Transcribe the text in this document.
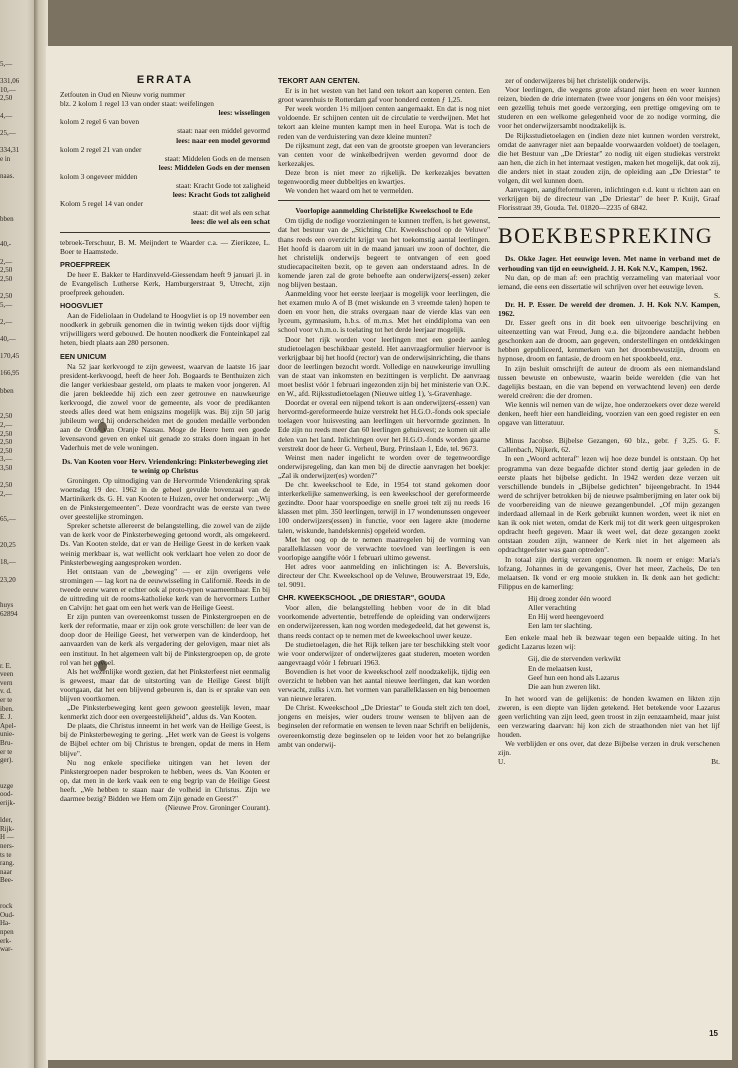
5,—

331,06
10,—
2,50

4,—

25,—

334,31
e in

naas.

bben

40,-

2,—
2,50
2,50

2,50
5,—

2,—

40,—

170,45

166,95

bben

2,50
2,—
2,50
2,50
2,50
3,—
3,50

2,50
2,—

65,—

20,25

18,—

23,20

huys
62894

r. E.
veen
vern
v. d.
er te
iben.
E. J.
Apel-
unie-
Bru-
er te
ger).

uzge
ood-
erijk-

lder,
Rijk-
H —
ners-
ts te
rang.
naar
Bee-

rock
Oud-
Ha-
npen
erk-
war-
ERRATA
Zetfouten in Oud en Nieuw vorig nummer
blz. 2 kolom 1 regel 13 van onder staat: weifelingen
lees: wisselingen
kolom 2 regel 6 van boven
staat: naar een middel gevormd
lees: naar een model gevormd
kolom 2 regel 21 van onder
staat: Middelen Gods en de mensen
lees: Middelen Gods en der mensen
kolom 3 ongeveer midden
staat: Kracht Gode tot zaligheid
lees: Kracht Gods tot zaligheid
Kolom 5 regel 14 van onder
staat: dit wel als een schat
lees: die wel als een schat

tebroek-Terschuur, B. M. Meijndert te Waarder c.a. — Zierikzee, L. Boer te Haamstede.

PROEFPREEK

De heer E. Bakker te Hardinxveld-Giessendam heeft 9 januari jl. in de Evangelisch Lutherse Kerk, Hamburgerstraat 9, Utrecht, zijn proefpreek gehouden.

HOOGVLIET

Aan de Fideliolaan in Oudeland te Hoogvliet is op 19 november een noodkerk in gebruik genomen die in twintig weken tijds door vijftig vrijwilligers werd gebouwd. De houten noodkerk die Fonteinkapel zal heten, biedt plaats aan 280 personen.

EEN UNICUM

Na 52 jaar kerkvoogd te zijn geweest, waarvan de laatste 16 jaar president-kerkvoogd, heeft de heer Joh. Bogaards te Benthuizen zich die langer verkiesbaar gesteld, om plaats te maken voor jongeren. Al die jaren bekleedde hij zich een zeer getrouwe en nauwkeurige kerkvoogd, die zowel voor de gemeente, als voor de predikanten steeds alles deed wat hem enigszins mogelijk was. Bij zijn 50 jarig jubileum werd hij onderscheiden met de gouden medaille verbonden aan de Orde van Oranje Nassau. Moge de Heere hem een goede levensavond geven en enkel uit genade zo straks doen ingaan in het Vaderhuis met de vele woningen.

Ds. Van Kooten voor Herv. Vriendenkring: Pinksterbeweging ziet te weinig op Christus

Groningen. Op uitnodiging van de Hervormde Vriendenkring sprak woensdag 19 dec. 1962 in de geheel gevulde bovenzaal van de Martinikerk ds. G. H. van Kooten te Huizen, over het onderwerp: „Wij en de Pinkstergemeenten". Deze voordracht was de eerste van twee over geestelijke stromingen.

Spreker schetste allereerst de belangstelling, die zowel van de zijde van de kerk voor de Pinksterbeweging getoond wordt, als omgekeerd. Ds. Van Kooten stelde, dat er van de Heilige Geest in de kerken vaak weinig merkbaar is, wat wellicht ook verklaart hoe velen zo door de Pinksterbeweging aangesproken worden.

Het ontstaan van de „beweging" — er zijn overigens vele stromingen — lag kort na de eeuwwisseling in Californië. Reeds in de tweede eeuw waren er echter ook al proto-typen waarneembaar. En bij de uittreding uit de rooms-katholieke kerk van de hervormers Luther en Calvijn: het gaat om een het werk van de Heilige Geest.

Er zijn punten van overeenkomst tussen de Pinkstergroepen en de kerk der reformatie, maar er zijn ook grote verschillen: de leer van de doop door de Heilige Geest, het verwerpen van de kinderdoop, het aanvaarden van de kerk als vergadering der gelovigen, maar niet als een instituut. In het algemeen valt bij de Pinkstergroepen op, de grote rol van het gevoel.

Als het wezenlijke wordt gezien, dat het Pinksterfeest niet eenmalig is geweest, maar dat de uitstorting van de Heilige Geest blijft voortgaan, dat het een blijvend gebeuren is, dan is er sprake van een blijven voortkomen.

„De Pinksterbeweging kent geen gewoon geestelijk leven, maar kenmerkt zich door een overgeestelijkheid", aldus ds. Van Kooten.

De plaats, die Christus inneemt in het werk van de Heilige Geest, is bij de Pinksterbeweging te gering. „Het werk van de Geest is volgens de Bijbel echter om bij Christus te brengen, opdat de mens in Hem blijve".

Nu nog enkele specifieke uitingen van het leven der Pinkstergroepen nader besproken te hebben, wees ds. Van Kooten er op, dat men in de kerk vaak een te eng begrip van de Heilige Geest heeft. „We hebben te staan naar de volheid in Christus. Zijn we daarmee bezig? Bidden we Hem om Zijn genade en Geest?"

(Nieuwe Prov. Groninger Courant).

TEKORT AAN CENTEN.

Er is in het westen van het land een tekort aan koperen centen. Een groot warenhuis te Rotterdam gaf voor honderd centen ƒ 1,25.

Per week worden 1½ miljoen centen aangemaakt. En dat is nog niet voldoende. Er schijnen centen uit de circulatie te verdwijnen. Met het tekort aan kleine munten kampt men in heel Europa. Wat is toch de reden van de verduistering van deze kleine munten?

De rijksmunt zegt, dat een van de grootste groepen van leveranciers van centen voor de winkelbedrijven werden gevormd door de kerkezakjes.

Deze bron is niet meer zo rijkelijk. De kerkezakjes bevatten tegenwoordig meer dubbeltjes en kwartjes.

We vonden het waard om het te vermelden.

Voorlopige aanmelding Christelijke Kweekschool te Ede

Om tijdig de nodige voorzieningen te kunnen treffen, is het gewenst, dat het bestuur van de „Stichting Chr. Kweekschool op de Veluwe" thans reeds een overzicht krijgt van het toekomstig aantal leerlingen. Het hoofd is daarom uit in de maand januari uw zoon of dochter, die het christelijk onderwijs begeert te ontvangen of een goed studiecapaciteiten bezit, op te geven aan onderstaand adres. In de komende jaren zal de grote behoefte aan onderwijzers(-essen) zeker nog blijven bestaan.

Aanmelding voor het eerste leerjaar is mogelijk voor leerlingen, die het examen mulo A of B (met wiskunde en 3 vreemde talen) hopen te doen en voor hen, die straks overgaan naar de vierde klas van een lyceum, gymnasium, h.b.s. of m.m.s. Met het einddiploma van een school voor v.h.m.o. is toelating tot het derde leerjaar mogelijk.

Door het rijk worden voor leerlingen met een goede aanleg studietoelagen beschikbaar gesteld. Het aanvraagformulier hiervoor is verkrijgbaar bij het hoofd (rector) van de onderwijsinrichting, die thans door de leerlingen bezocht wordt. Volledige en nauwkeurige invulling van de staat van inkomsten en bezittingen is verplicht. De aanvraag moet beslist vóór 1 februari ingezonden zijn bij het ministerie van O.K. en W., afd. Rijksstudietoelagen (Nieuwe uitleg 1), 's-Gravenhage.

Doordat er overal een nijpend tekort is aan onderwijzers(-essen) van hervormd-gereformeerde huize verstrekt het H.G.O.-fonds ook speciale toelagen voor huisvesting aan leerlingen uit hervormde gezinnen. In Ede zijn nu reeds meer dan 60 leerlingen gehuisvest; ze komen uit alle delen van het land. Inlichtingen over het H.G.O.-fonds worden gaarne verstrekt door de heer G. Verheul, Burg. Prinslaan 1, Ede, tel. 9673.

Weinst men nader ingelicht te worden over de tegenwoordige onderwijsregeling, dan kan men bij de directie aanvragen het boekje: „Zal ik onderwijzer(es) worden?"

De chr. kweekschool te Ede, in 1954 tot stand gekomen door interkerkelijke samenwerking, is een kweekschool der gereformeerde gezindte. Door haar voorspoedige en snelle groei telt zij nu reeds 16 klassen met plm. 350 leerlingen, terwijl in 17 wondenunssen ongeveer 100 onderwijzers(essen) in functie, voor een lagere akte (moderne talen, wiskunde, handelskennis) opgeleid worden.

Met het oog op de te nemen maatregelen bij de vorming van parallelklassen voor de verwachte toevloed van leerlingen is een voorlopige aangifte vóór 1 februari ultimo gewenst.

Het adres voor aanmelding en inlichtingen is: A. Beversluis, directeur der Chr. Kweekschool op de Veluwe, Brouwerstraat 19, Ede, tel. 9091.

CHR. KWEEKSCHOOL „DE DRIESTAR", GOUDA

Voor allen, die belangstelling hebben voor de in dit blad voorkomende advertentie, betreffende de opleiding van onderwijzers en onderwijzeressen, kan nog worden medegedeeld, dat het gewenst is, thans reeds contact op te nemen met de kweekschool uwer keuze.

De studietoelagen, die het Rijk telken jare ter beschikking stelt voor wie voor onderwijzer of onderwijzeres gaat studeren, moeten worden aangevraagd vóór 1 februari 1963.

Bovendien is het voor de kweekschool zelf noodzakelijk, tijdig een overzicht te hebben van het aantal nieuwe leerlingen, dat kan worden verwacht, zulks i.v.m. het vormen van parallelklassen en hig benoemen van nieuwe leraren.

De Christ. Kweekschool „De Driestar" te Gouda stelt zich ten doel, jongens en meisjes, wier ouders trouw wensen te blijven aan de beginselen der reformatie en wensen te leven naar Schrift en belijdenis, overeenkomstig deze beginselen op te leiden voor het zo belangrijke ambt van onderwij-

zer of onderwijzeres bij het christelijk onderwijs.

Voor leerlingen, die wegens grote afstand niet heen en weer kunnen reizen, bieden de drie internaten (twee voor jongens en één voor meisjes) een gezellig tehuis met goede verzorging, een prettige omgeving om te studeren en een welkome gelegenheid voor de zo nodige vorming, die voor het onderwijzersambt noodzakelijk is.

De Rijksstudietoelagen en (indien deze niet kunnen worden verstrekt, omdat de aanvrager niet aan bepaalde voorwaarden voldoet) de toelagen, die het Bestuur van „De Driestar" zo nodig uit eigen studiekas verstrekt aan hen, die zich in het internaat vestigen, maken het mogelijk, dat ook zij, die anders niet in staat zouden zijn, de opleiding aan „De Driestar" te volgen, dit wel kunnen doen.

Aanvragen, aangifteformulieren, inlichtingen e.d. kunt u richten aan en verkrijgen bij de directeur van „De Driestar" de heer P. Kuijt, Graaf Florisstraat 39, Gouda. Tel. 01820—2235 of 6842.

BOEKBESPREKING

Ds. Okke Jager. Het eeuwige leven. Met name in verband met de verhouding van tijd en eeuwigheid. J. H. Kok N.V., Kampen, 1962.

Nu dan, op de man af: een prachtig verzameling van materiaal voor iemand, die eens een dissertatie wil schrijven over het eeuwige leven.

S.

Dr. H. P. Esser. De wereld der dromen. J. H. Kok N.V. Kampen, 1962.

Dr. Esser geeft ons in dit boek een uitvoerige beschrijving en uiteenzetting van wat Freud, Jung e.a. die bijzondere aandacht hebben geschonken aan de droom, aan gegeven, onderstellingen en ontdekkingen hebben gepubliceerd, kenmerken van het droombewustzijn, droom en hypnose, droom en fantasie, de droom en het spookbeeld, enz.

In zijn besluit omschrijft de auteur de droom als een niemandsland tussen bewuste en onbewuste, waarin beide werelden (die van het dagelijks bestaan, en die van bepend en verwachtend leven) een derde wereld creëren: die der dromen.

Wie kennis wil nemen van de wijze, hoe onderzoekers over deze wereld denken, heeft hier een handleiding, voorzien van een goed register en een opgave van litteratuur.

S.

Minus Jacobse. Bijbelse Gezangen, 60 blz., gebr. ƒ 3,25. G. F. Callenbach, Nijkerk, 62.

In een „Woord achteraf" lezen wij hoe deze bundel is ontstaan. Op het programma van deze begaafde dichter stond dertig jaar geleden in de eerste plaats het bijbelse gedicht. In 1942 werden deze verzen uit verschillende bundels in „Bijbelse gedichten" bijeengebracht. In 1944 werd de schrijver betrokken bij de nieuwe psalmberijming en later ook bij de voorbereiding van de nieuwe gezangenbundel. „Of mijn gezangen inderdaad allemaal in de Kerk gebruikt kunnen worden, weet ik niet en kan ik ook niet weten, omdat de Kerk mij tot dit werk geen uitgesproken opdracht heeft gegeven. Maar ik weet wel, dat deze gezangen zoekt ontstaan zouden zijn, wanneer de Kerk niet in het algemeen als opdrachtgeefster was gaan optreden".

In totaal zijn dertig verzen opgenomen. Ik noem er enige: Maria's lofzang, Johannes in de gevangenis, Over het meer, Zacheüs, De ten melaatsen. Ik vond er erg mooie stukken in. Ik denk aan het gedicht: Filippus en de kamerling:

Hij droeg zonder één woord
Aller verachting
En Hij werd heengevoerd
Een lam ter slachting.

Een enkele maal heb ik bezwaar tegen een bepaalde uiting. In het gedicht Lazarus lezen wij:

Gij, die de stervenden verkwikt
En de melaatsen kust,
Geef hun een hond als Lazarus
Die aan hun zweren likt.

In het woord van de gelijkenis: de honden kwamen en likten zijn zweren, is een diepte van lijden getekend. Het betekende voor Lazarus geen verlichting van zijn leed, geen troost in zijn eenzaamheid, maar juist een verzwaring daarvan: hij kon zich de straathonden niet van het lijf houden.

We verblijden er ons over, dat deze Bijbelse verzen in druk verschenen zijn.

U.	Bt.
15
